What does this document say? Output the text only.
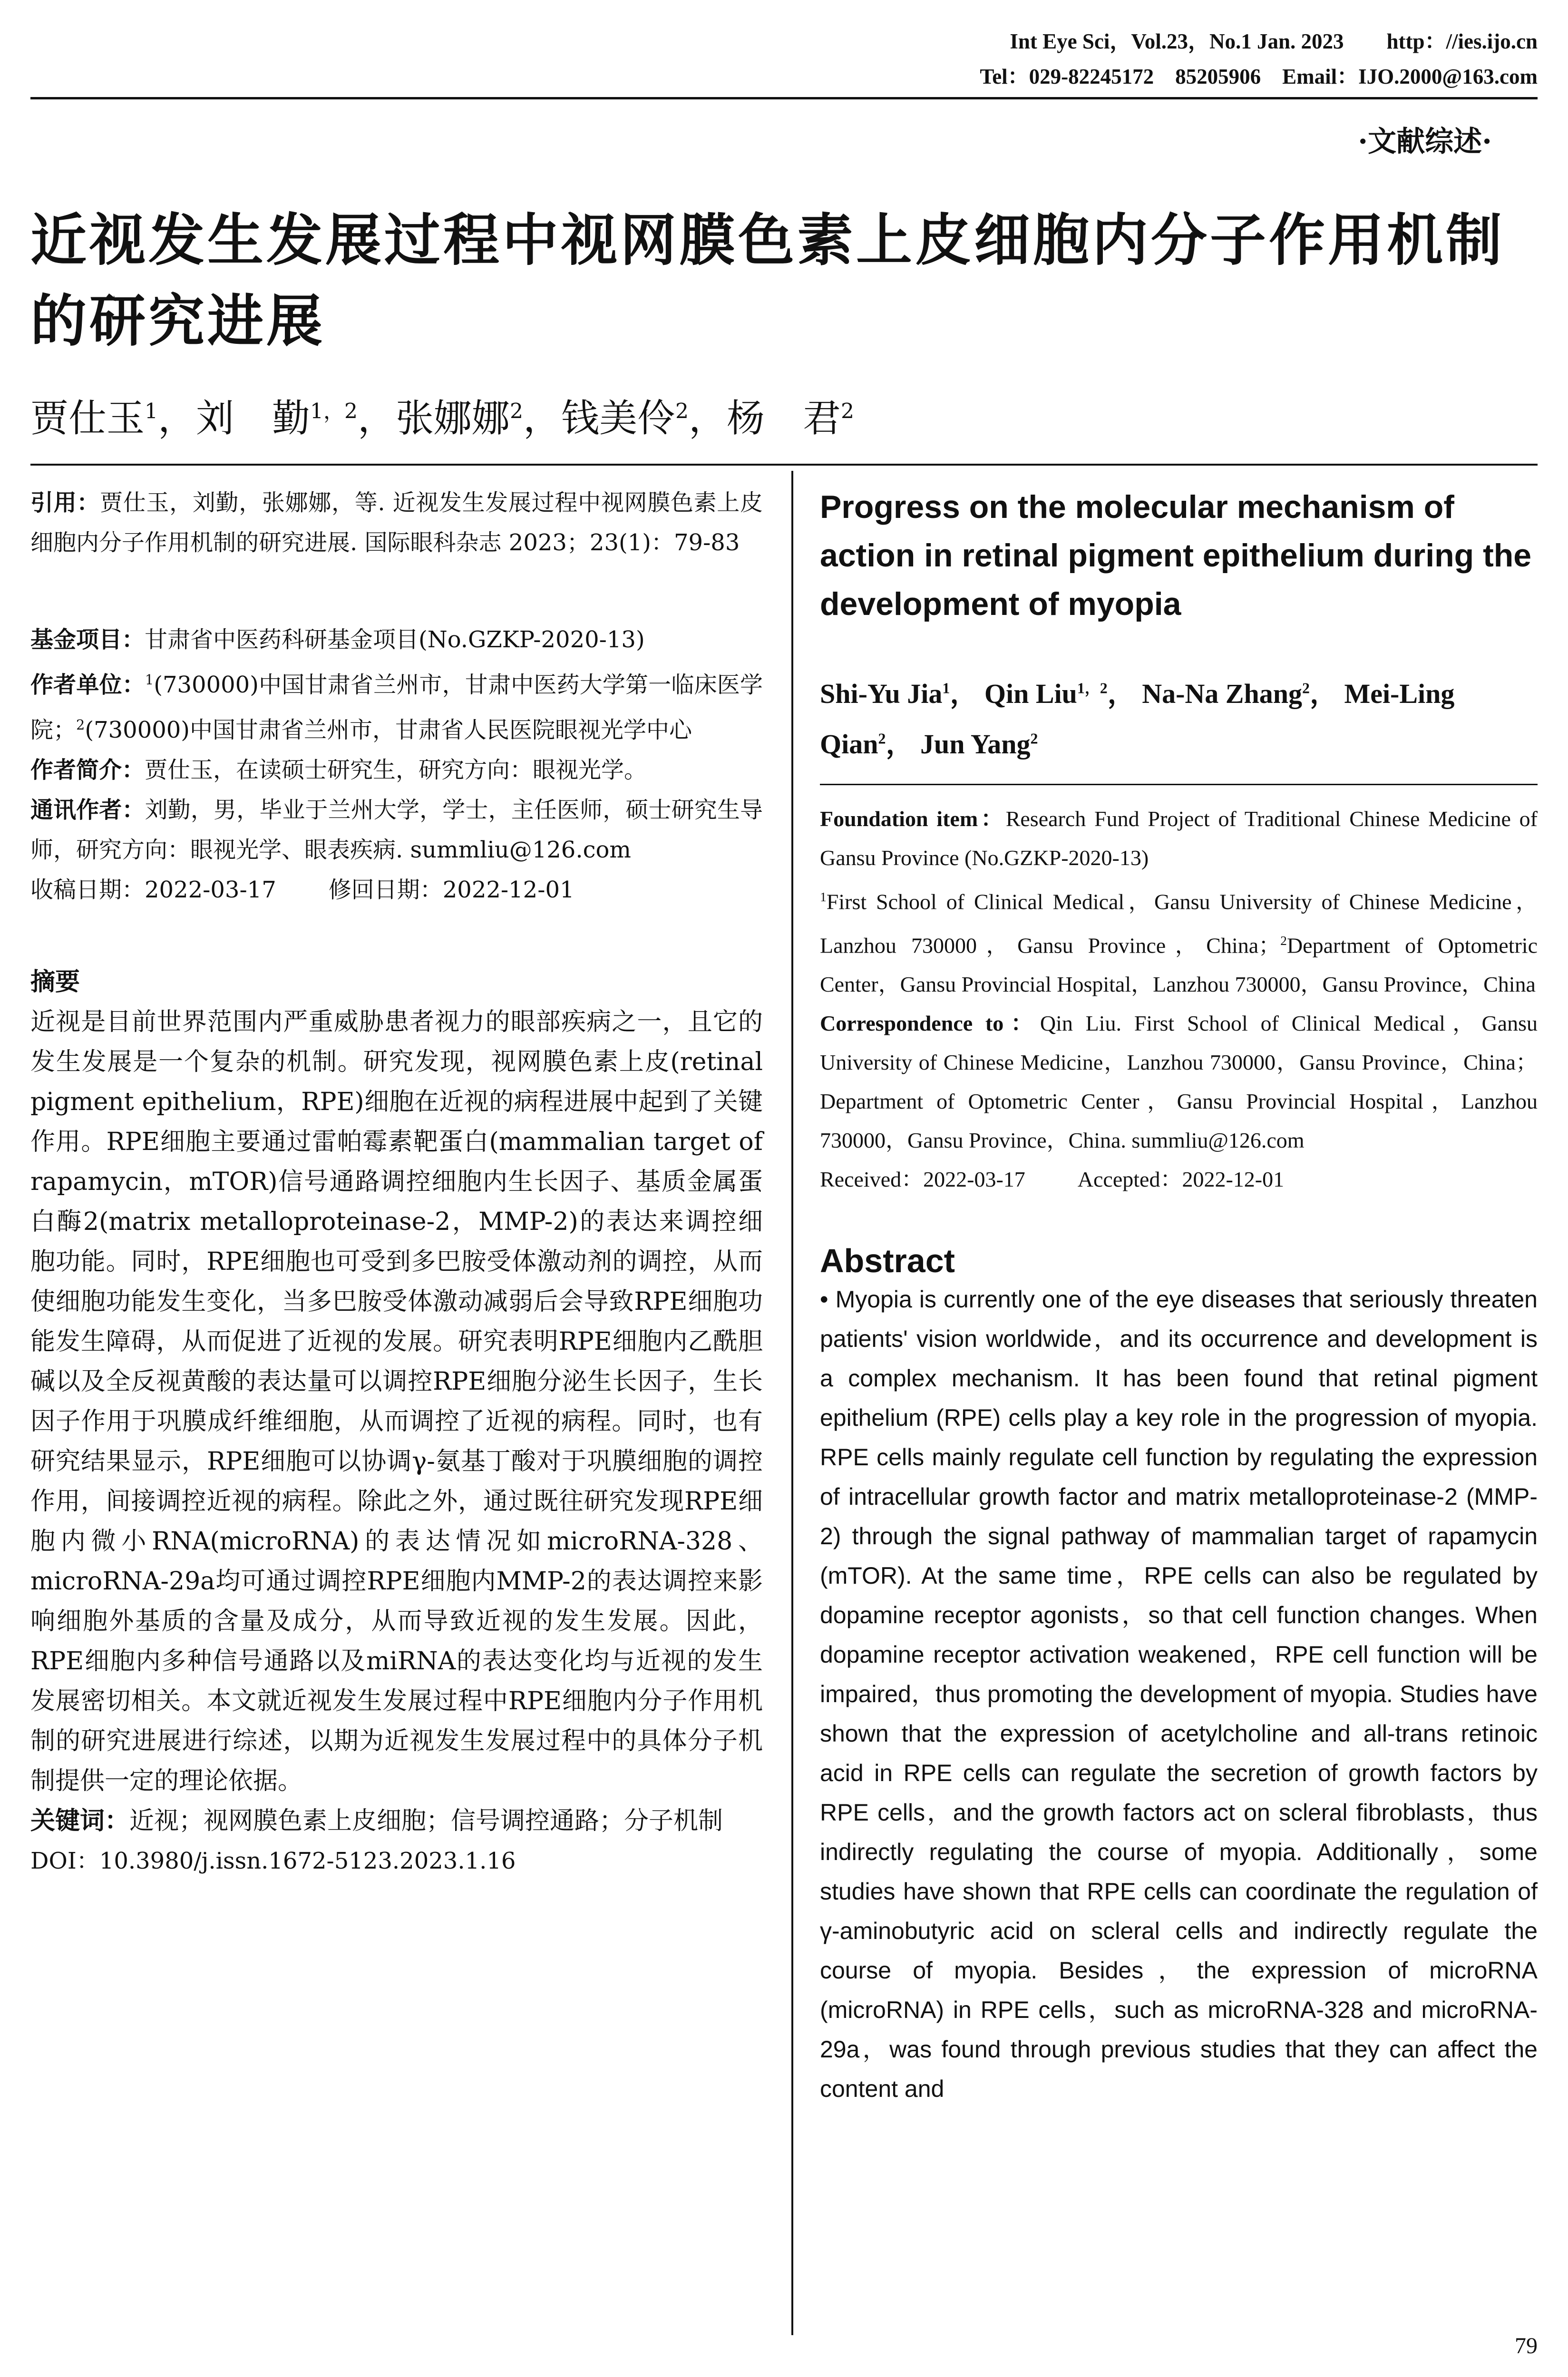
Int Eye Sci，Vol.23，No.1 Jan. 2023　　http：//ies.ijo.cn
Tel：029-82245172　85205906　Email：IJO.2000@163.com
·文献综述·
近视发生发展过程中视网膜色素上皮细胞内分子作用机制的研究进展
贾仕玉$^1$，刘　勤$^{1,2}$，张娜娜$^2$，钱美伶$^2$，杨　君$^2$

引用：贾仕玉，刘勤，张娜娜，等. 近视发生发展过程中视网膜色素上皮细胞内分子作用机制的研究进展. 国际眼科杂志 2023；23(1)：79-83

基金项目：甘肃省中医药科研基金项目(No.GZKP-2020-13)

作者单位：$^1$(730000)中国甘肃省兰州市，甘肃中医药大学第一临床医学院；$^2$(730000)中国甘肃省兰州市，甘肃省人民医院眼视光学中心

作者简介：贾仕玉，在读硕士研究生，研究方向：眼视光学。

通讯作者：刘勤，男，毕业于兰州大学，学士，主任医师，硕士研究生导师，研究方向：眼视光学、眼表疾病. summliu@126.com

收稿日期：2022-03-17 修回日期：2022-12-01

摘要

近视是目前世界范围内严重威胁患者视力的眼部疾病之一，且它的发生发展是一个复杂的机制。研究发现，视网膜色素上皮(retinal pigment epithelium，RPE)细胞在近视的病程进展中起到了关键作用。RPE细胞主要通过雷帕霉素靶蛋白(mammalian target of rapamycin，mTOR)信号通路调控细胞内生长因子、基质金属蛋白酶2(matrix metalloproteinase-2，MMP-2)的表达来调控细胞功能。同时，RPE细胞也可受到多巴胺受体激动剂的调控，从而使细胞功能发生变化，当多巴胺受体激动减弱后会导致RPE细胞功能发生障碍，从而促进了近视的发展。研究表明RPE细胞内乙酰胆碱以及全反视黄酸的表达量可以调控RPE细胞分泌生长因子，生长因子作用于巩膜成纤维细胞，从而调控了近视的病程。同时，也有研究结果显示，RPE细胞可以协调γ-氨基丁酸对于巩膜细胞的调控作用，间接调控近视的病程。除此之外，通过既往研究发现RPE细胞内微小RNA(microRNA)的表达情况如microRNA-328、microRNA-29a均可通过调控RPE细胞内MMP-2的表达调控来影响细胞外基质的含量及成分，从而导致近视的发生发展。因此，RPE细胞内多种信号通路以及miRNA的表达变化均与近视的发生发展密切相关。本文就近视发生发展过程中RPE细胞内分子作用机制的研究进展进行综述，以期为近视发生发展过程中的具体分子机制提供一定的理论依据。

关键词：近视；视网膜色素上皮细胞；信号调控通路；分子机制

DOI：10.3980/j.issn.1672-5123.2023.1.16

Progress on the molecular mechanism of action in retinal pigment epithelium during the development of myopia
Shi-Yu Jia$^1$， Qin Liu$^{1,2}$， Na-Na Zhang$^2$， Mei-Ling Qian$^2$， Jun Yang$^2$

Foundation item：Research Fund Project of Traditional Chinese Medicine of Gansu Province (No.GZKP-2020-13)

$^1$First School of Clinical Medical，Gansu University of Chinese Medicine，Lanzhou 730000，Gansu Province，China；$^2$Department of Optometric Center，Gansu Provincial Hospital，Lanzhou 730000，Gansu Province，China

Correspondence to：Qin Liu. First School of Clinical Medical，Gansu University of Chinese Medicine，Lanzhou 730000，Gansu Province，China；Department of Optometric Center，Gansu Provincial Hospital，Lanzhou 730000，Gansu Province，China. summliu@126.com

Received：2022-03-17 Accepted：2022-12-01

Abstract
• Myopia is currently one of the eye diseases that seriously threaten patients' vision worldwide，and its occurrence and development is a complex mechanism. It has been found that retinal pigment epithelium (RPE) cells play a key role in the progression of myopia. RPE cells mainly regulate cell function by regulating the expression of intracellular growth factor and matrix metalloproteinase-2 (MMP-2) through the signal pathway of mammalian target of rapamycin (mTOR). At the same time，RPE cells can also be regulated by dopamine receptor agonists，so that cell function changes. When dopamine receptor activation weakened，RPE cell function will be impaired，thus promoting the development of myopia. Studies have shown that the expression of acetylcholine and all-trans retinoic acid in RPE cells can regulate the secretion of growth factors by RPE cells，and the growth factors act on scleral fibroblasts，thus indirectly regulating the course of myopia. Additionally，some studies have shown that RPE cells can coordinate the regulation of γ-aminobutyric acid on scleral cells and indirectly regulate the course of myopia. Besides，the expression of microRNA (microRNA) in RPE cells，such as microRNA-328 and microRNA-29a，was found through previous studies that they can affect the content and
79
